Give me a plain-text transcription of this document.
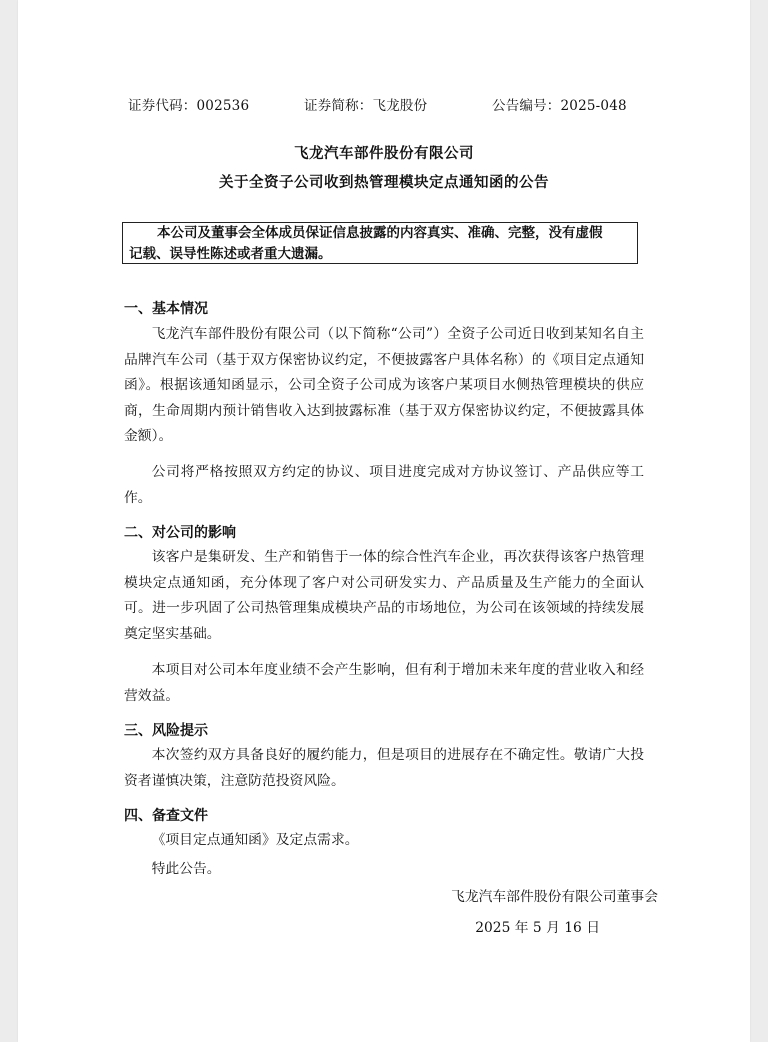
证券代码：002536	证券简称：飞龙股份	公告编号：2025-048
飞龙汽车部件股份有限公司
关于全资子公司收到热管理模块定点通知函的公告
本公司及董事会全体成员保证信息披露的内容真实、准确、完整，没有虚假
记载、误导性陈述或者重大遗漏。
一、基本情况
飞龙汽车部件股份有限公司（以下简称“公司”）全资子公司近日收到某知名自主品牌汽车公司（基于双方保密协议约定，不便披露客户具体名称）的《项目定点通知函》。根据该通知函显示，公司全资子公司成为该客户某项目水侧热管理模块的供应商，生命周期内预计销售收入达到披露标准（基于双方保密协议约定，不便披露具体金额）。
公司将严格按照双方约定的协议、项目进度完成对方协议签订、产品供应等工作。
二、对公司的影响
该客户是集研发、生产和销售于一体的综合性汽车企业，再次获得该客户热管理模块定点通知函，充分体现了客户对公司研发实力、产品质量及生产能力的全面认可。进一步巩固了公司热管理集成模块产品的市场地位，为公司在该领域的持续发展奠定坚实基础。
本项目对公司本年度业绩不会产生影响，但有利于增加未来年度的营业收入和经营效益。
三、风险提示
本次签约双方具备良好的履约能力，但是项目的进展存在不确定性。敬请广大投资者谨慎决策，注意防范投资风险。
四、备查文件
《项目定点通知函》及定点需求。
特此公告。
飞龙汽车部件股份有限公司董事会
2025 年 5 月 16 日
